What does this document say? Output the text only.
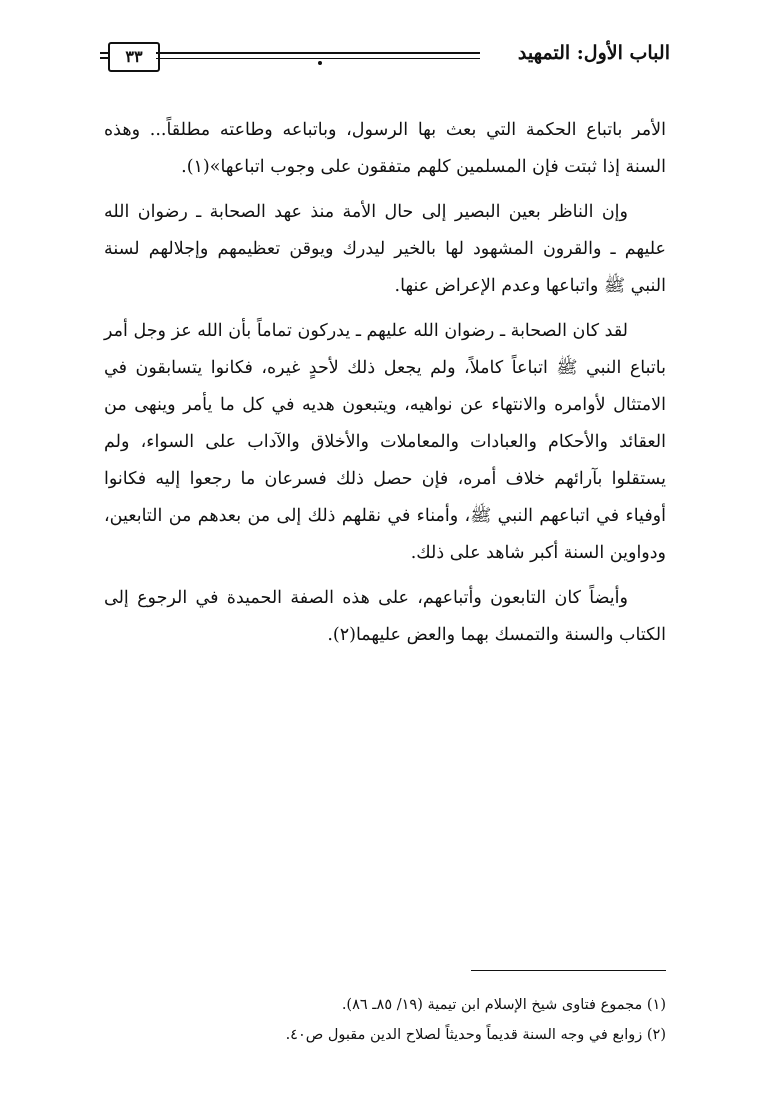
الباب الأول: التمهيد
٣٣

الأمر باتباع الحكمة التي بعث بها الرسول، وباتباعه وطاعته مطلقاً... وهذه السنة إذا ثبتت فإن المسلمين كلهم متفقون على وجوب اتباعها»(١).

وإن الناظر بعين البصير إلى حال الأمة منذ عهد الصحابة ـ رضوان الله عليهم ـ والقرون المشهود لها بالخير ليدرك ويوقن تعظيمهم وإجلالهم لسنة النبي ﷺ واتباعها وعدم الإعراض عنها.

لقد كان الصحابة ـ رضوان الله عليهم ـ يدركون تماماً بأن الله عز وجل أمر باتباع النبي ﷺ اتباعاً كاملاً، ولم يجعل ذلك لأحدٍ غيره، فكانوا يتسابقون في الامتثال لأوامره والانتهاء عن نواهيه، ويتبعون هديه في كل ما يأمر وينهى من العقائد والأحكام والعبادات والمعاملات والأخلاق والآداب على السواء، ولم يستقلوا بآرائهم خلاف أمره، فإن حصل ذلك فسرعان ما رجعوا إليه فكانوا أوفياء في اتباعهم النبي ﷺ، وأمناء في نقلهم ذلك إلى من بعدهم من التابعين، ودواوين السنة أكبر شاهد على ذلك.

وأيضاً كان التابعون وأتباعهم، على هذه الصفة الحميدة في الرجوع إلى الكتاب والسنة والتمسك بهما والعض عليهما(٢).

(١) مجموع فتاوى شيخ الإسلام ابن تيمية (١٩/ ٨٥ـ ٨٦).
(٢) زوابع في وجه السنة قديماً وحديثاً لصلاح الدين مقبول ص٤٠.
